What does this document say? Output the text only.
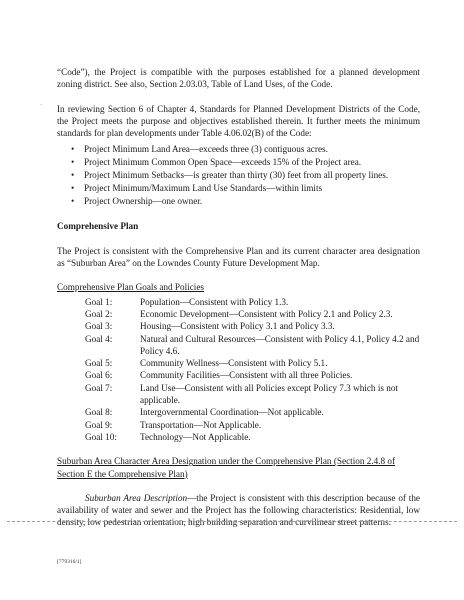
·

“Code”), the Project is compatible with the purposes established for a planned development zoning district. See also, Section 2.03.03, Table of Land Uses, of the Code.

In reviewing Section 6 of Chapter 4, Standards for Planned Development Districts of the Code, the Project meets the purpose and objectives established therein. It further meets the minimum standards for plan developments under Table 4.06.02(B) of the Code:

• Project Minimum Land Area—exceeds three (3) contiguous acres.
• Project Minimum Common Open Space—exceeds 15% of the Project area.
• Project Minimum Setbacks—is greater than thirty (30) feet from all property lines.
• Project Minimum/Maximum Land Use Standards—within limits
• Project Ownership—one owner.

Comprehensive Plan

The Project is consistent with the Comprehensive Plan and its current character area designation as “Suburban Area” on the Lowndes County Future Development Map.

Comprehensive Plan Goals and Policies

Goal 1:	Population—Consistent with Policy 1.3.
Goal 2:	Economic Development—Consistent with Policy 2.1 and Policy 2.3.
Goal 3:	Housing—Consistent with Policy 3.1 and Policy 3.3.
Goal 4:	Natural and Cultural Resources—Consistent with Policy 4.1, Policy 4.2 and Policy 4.6.
Goal 5:	Community Wellness—Consistent with Policy 5.1.
Goal 6:	Community Facilities—Consistent with all three Policies.
Goal 7:	Land Use—Consistent with all Policies except Policy 7.3 which is not applicable.
Goal 8:	Intergovernmental Coordination—Not applicable.
Goal 9:	Transportation—Not Applicable.
Goal 10:	Technology—Not Applicable.

Suburban Area Character Area Designation under the Comprehensive Plan (Section 2.4.8 of Section E the Comprehensive Plan)

Suburban Area Description—the Project is consistent with this description because of the availability of water and sewer and the Project has the following characteristics: Residential, low density, low pedestrian orientation, high building separation and curvilinear street patterns.

[779316/1]
